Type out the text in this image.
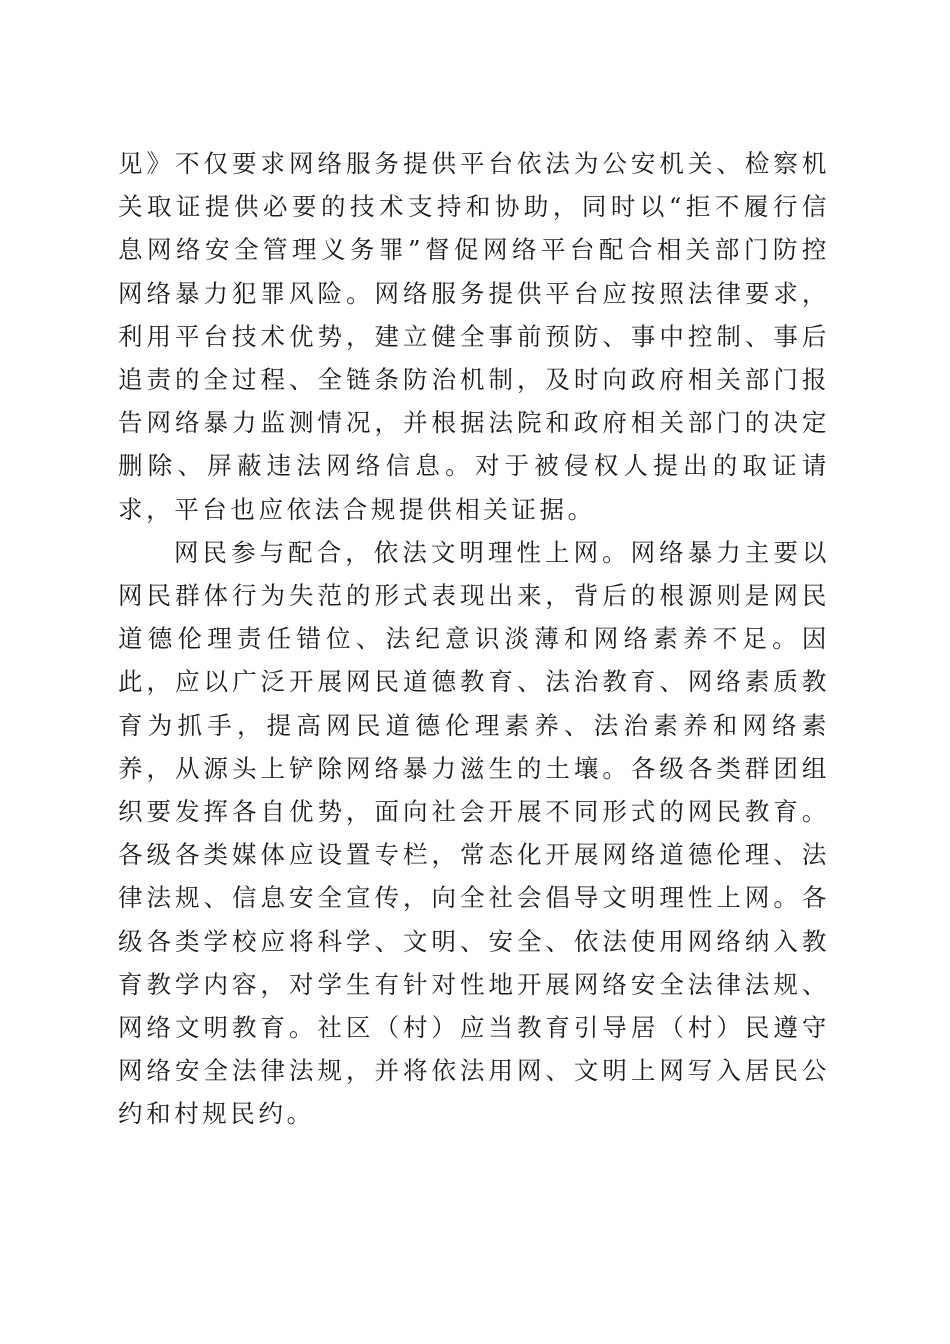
见》不仅要求网络服务提供平台依法为公安机关、检察机关取证提供必要的技术支持和协助，同时以“拒不履行信息网络安全管理义务罪”督促网络平台配合相关部门防控网络暴力犯罪风险。网络服务提供平台应按照法律要求，利用平台技术优势，建立健全事前预防、事中控制、事后追责的全过程、全链条防治机制，及时向政府相关部门报告网络暴力监测情况，并根据法院和政府相关部门的决定删除、屏蔽违法网络信息。对于被侵权人提出的取证请求，平台也应依法合规提供相关证据。

网民参与配合，依法文明理性上网。网络暴力主要以网民群体行为失范的形式表现出来，背后的根源则是网民道德伦理责任错位、法纪意识淡薄和网络素养不足。因此，应以广泛开展网民道德教育、法治教育、网络素质教育为抓手，提高网民道德伦理素养、法治素养和网络素养，从源头上铲除网络暴力滋生的土壤。各级各类群团组织要发挥各自优势，面向社会开展不同形式的网民教育。各级各类媒体应设置专栏，常态化开展网络道德伦理、法律法规、信息安全宣传，向全社会倡导文明理性上网。各级各类学校应将科学、文明、安全、依法使用网络纳入教育教学内容，对学生有针对性地开展网络安全法律法规、网络文明教育。社区（村）应当教育引导居（村）民遵守网络安全法律法规，并将依法用网、文明上网写入居民公约和村规民约。
